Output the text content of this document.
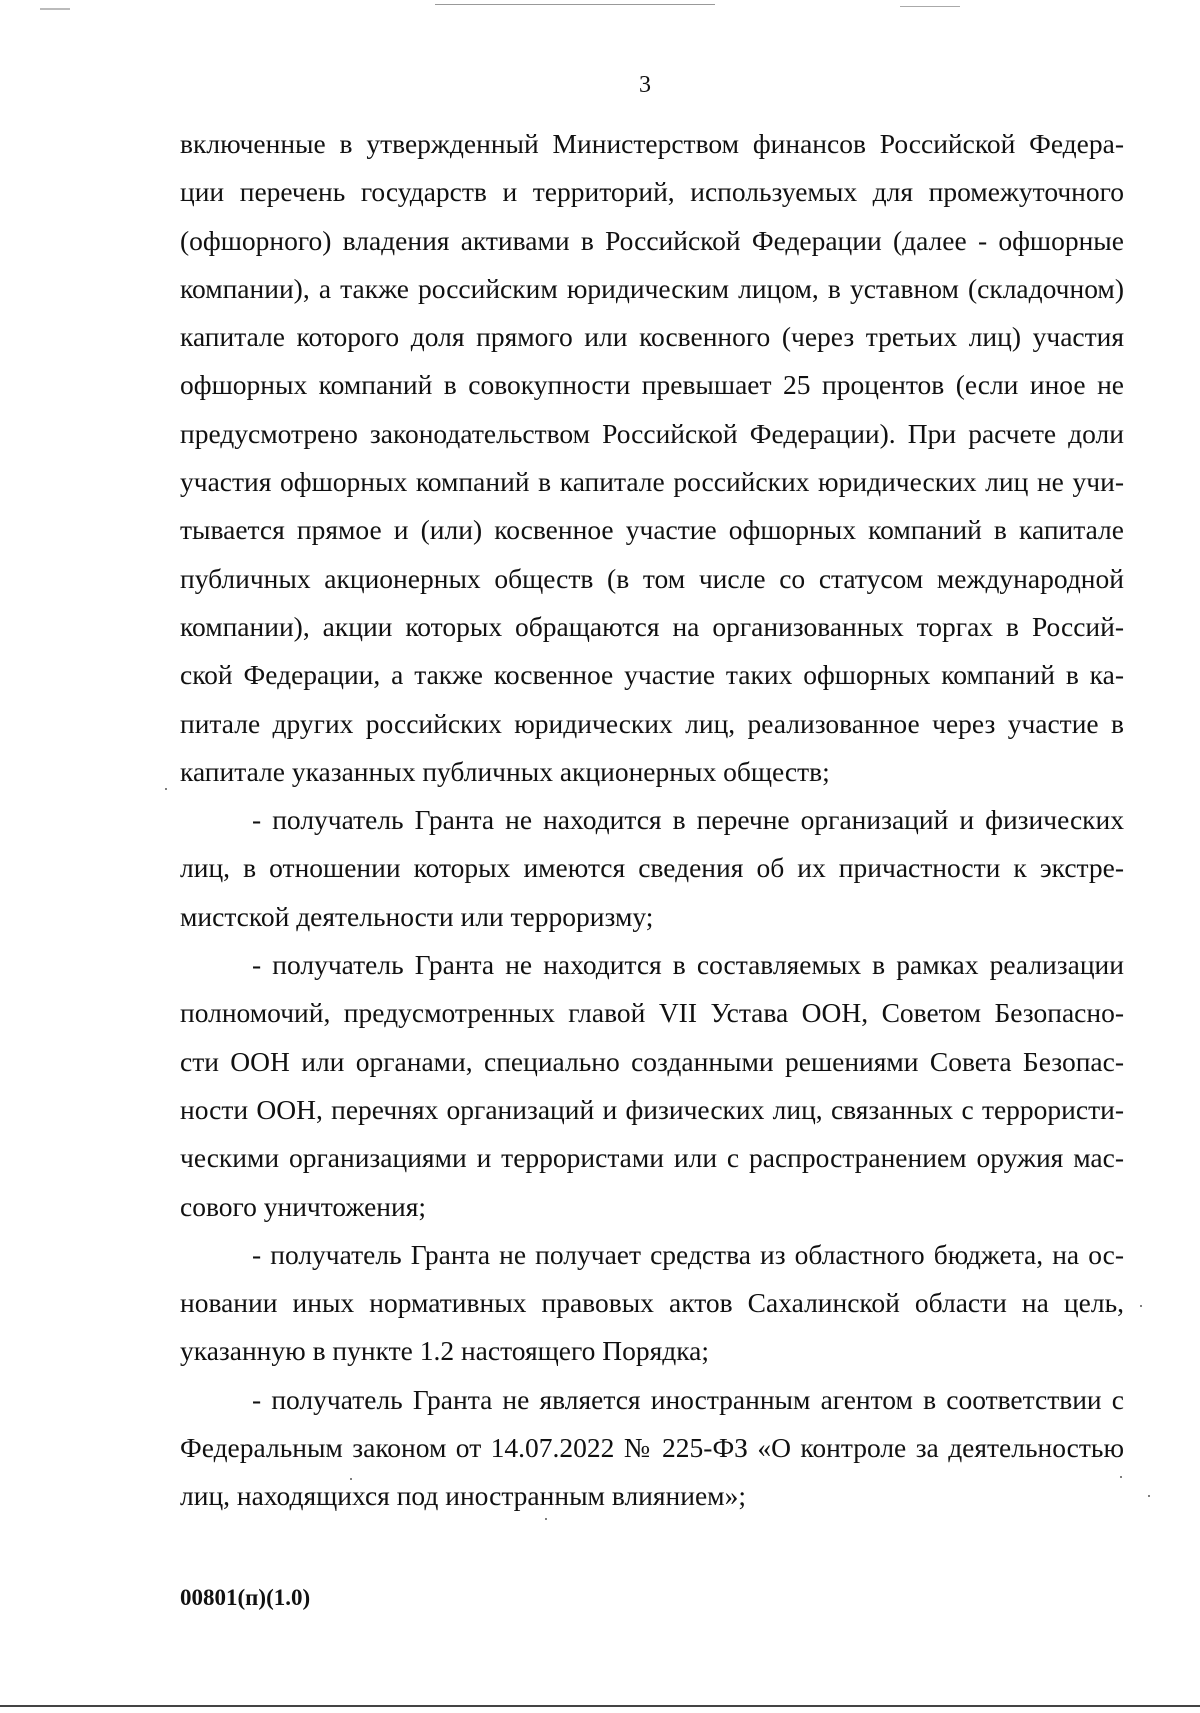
3
включенные в утвержденный Министерством финансов Российской Федера-
ции перечень государств и территорий, используемых для промежуточного
(офшорного) владения активами в Российской Федерации (далее - офшорные
компании), а также российским юридическим лицом, в уставном (складочном)
капитале которого доля прямого или косвенного (через третьих лиц) участия
офшорных компаний в совокупности превышает 25 процентов (если иное не
предусмотрено законодательством Российской Федерации). При расчете доли
участия офшорных компаний в капитале российских юридических лиц не учи-
тывается прямое и (или) косвенное участие офшорных компаний в капитале
публичных акционерных обществ (в том числе со статусом международной
компании), акции которых обращаются на организованных торгах в Россий-
ской Федерации, а также косвенное участие таких офшорных компаний в ка-
питале других российских юридических лиц, реализованное через участие в
капитале указанных публичных акционерных обществ;
- получатель Гранта не находится в перечне организаций и физических
лиц, в отношении которых имеются сведения об их причастности к экстре-
мистской деятельности или терроризму;
- получатель Гранта не находится в составляемых в рамках реализации
полномочий, предусмотренных главой VII Устава ООН, Советом Безопасно-
сти ООН или органами, специально созданными решениями Совета Безопас-
ности ООН, перечнях организаций и физических лиц, связанных с террористи-
ческими организациями и террористами или с распространением оружия мас-
сового уничтожения;
- получатель Гранта не получает средства из областного бюджета, на ос-
новании иных нормативных правовых актов Сахалинской области на цель,
указанную в пункте 1.2 настоящего Порядка;
- получатель Гранта не является иностранным агентом в соответствии с
Федеральным законом от 14.07.2022 № 225-ФЗ «О контроле за деятельностью
лиц, находящихся под иностранным влиянием»;
00801(п)(1.0)
